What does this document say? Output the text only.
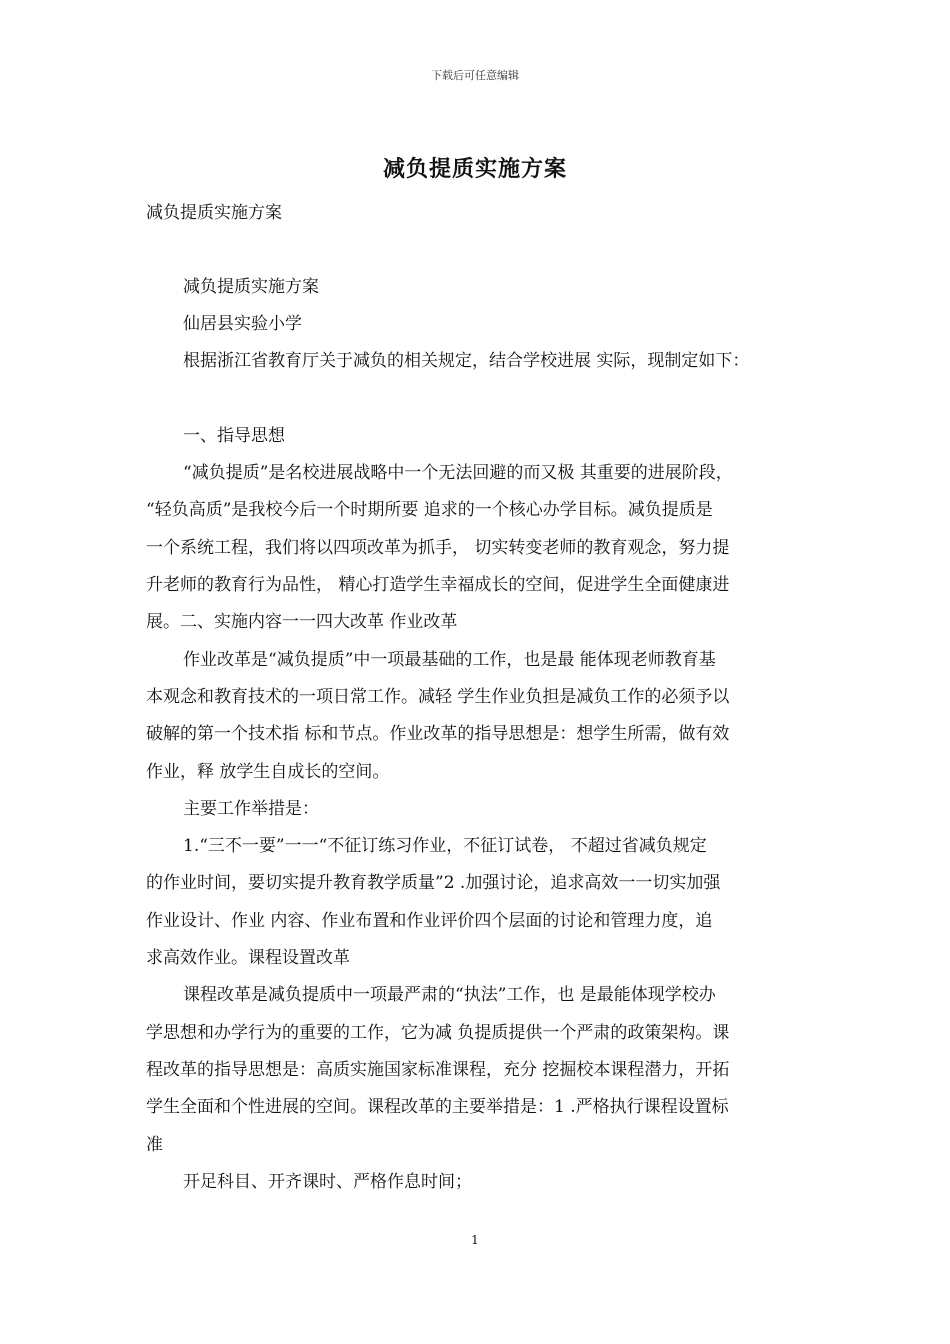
下载后可任意编辑
减负提质实施方案
减负提质实施方案
减负提质实施方案
仙居县实验小学
根据浙江省教育厅关于减负的相关规定，结合学校进展 实际，现制定如下：
一、指导思想
“减负提质”是名校进展战略中一个无法回避的而又极 其重要的进展阶段，
“轻负高质”是我校今后一个时期所要 追求的一个核心办学目标。减负提质是
一个系统工程，我们将以四项改革为抓手， 切实转变老师的教育观念，努力提
升老师的教育行为品性， 精心打造学生幸福成长的空间，促进学生全面健康进
展。二、实施内容一一四大改革 作业改革
作业改革是“减负提质”中一项最基础的工作，也是最 能体现老师教育基
本观念和教育技术的一项日常工作。减轻 学生作业负担是减负工作的必须予以
破解的第一个技术指 标和节点。作业改革的指导思想是：想学生所需，做有效
作业，释 放学生自成长的空间。
主要工作举措是：
1.“三不一要”一一“不征订练习作业，不征订试卷， 不超过省减负规定
的作业时间，要切实提升教育教学质量”2 .加强讨论，追求高效一一切实加强
作业设计、作业 内容、作业布置和作业评价四个层面的讨论和管理力度，追
求高效作业。课程设置改革
课程改革是减负提质中一项最严肃的“执法”工作，也 是最能体现学校办
学思想和办学行为的重要的工作，它为减 负提质提供一个严肃的政策架构。课
程改革的指导思想是：高质实施国家标准课程，充分 挖掘校本课程潜力，开拓
学生全面和个性进展的空间。课程改革的主要举措是：1 .严格执行课程设置标
准
开足科目、开齐课时、严格作息时间；
1
